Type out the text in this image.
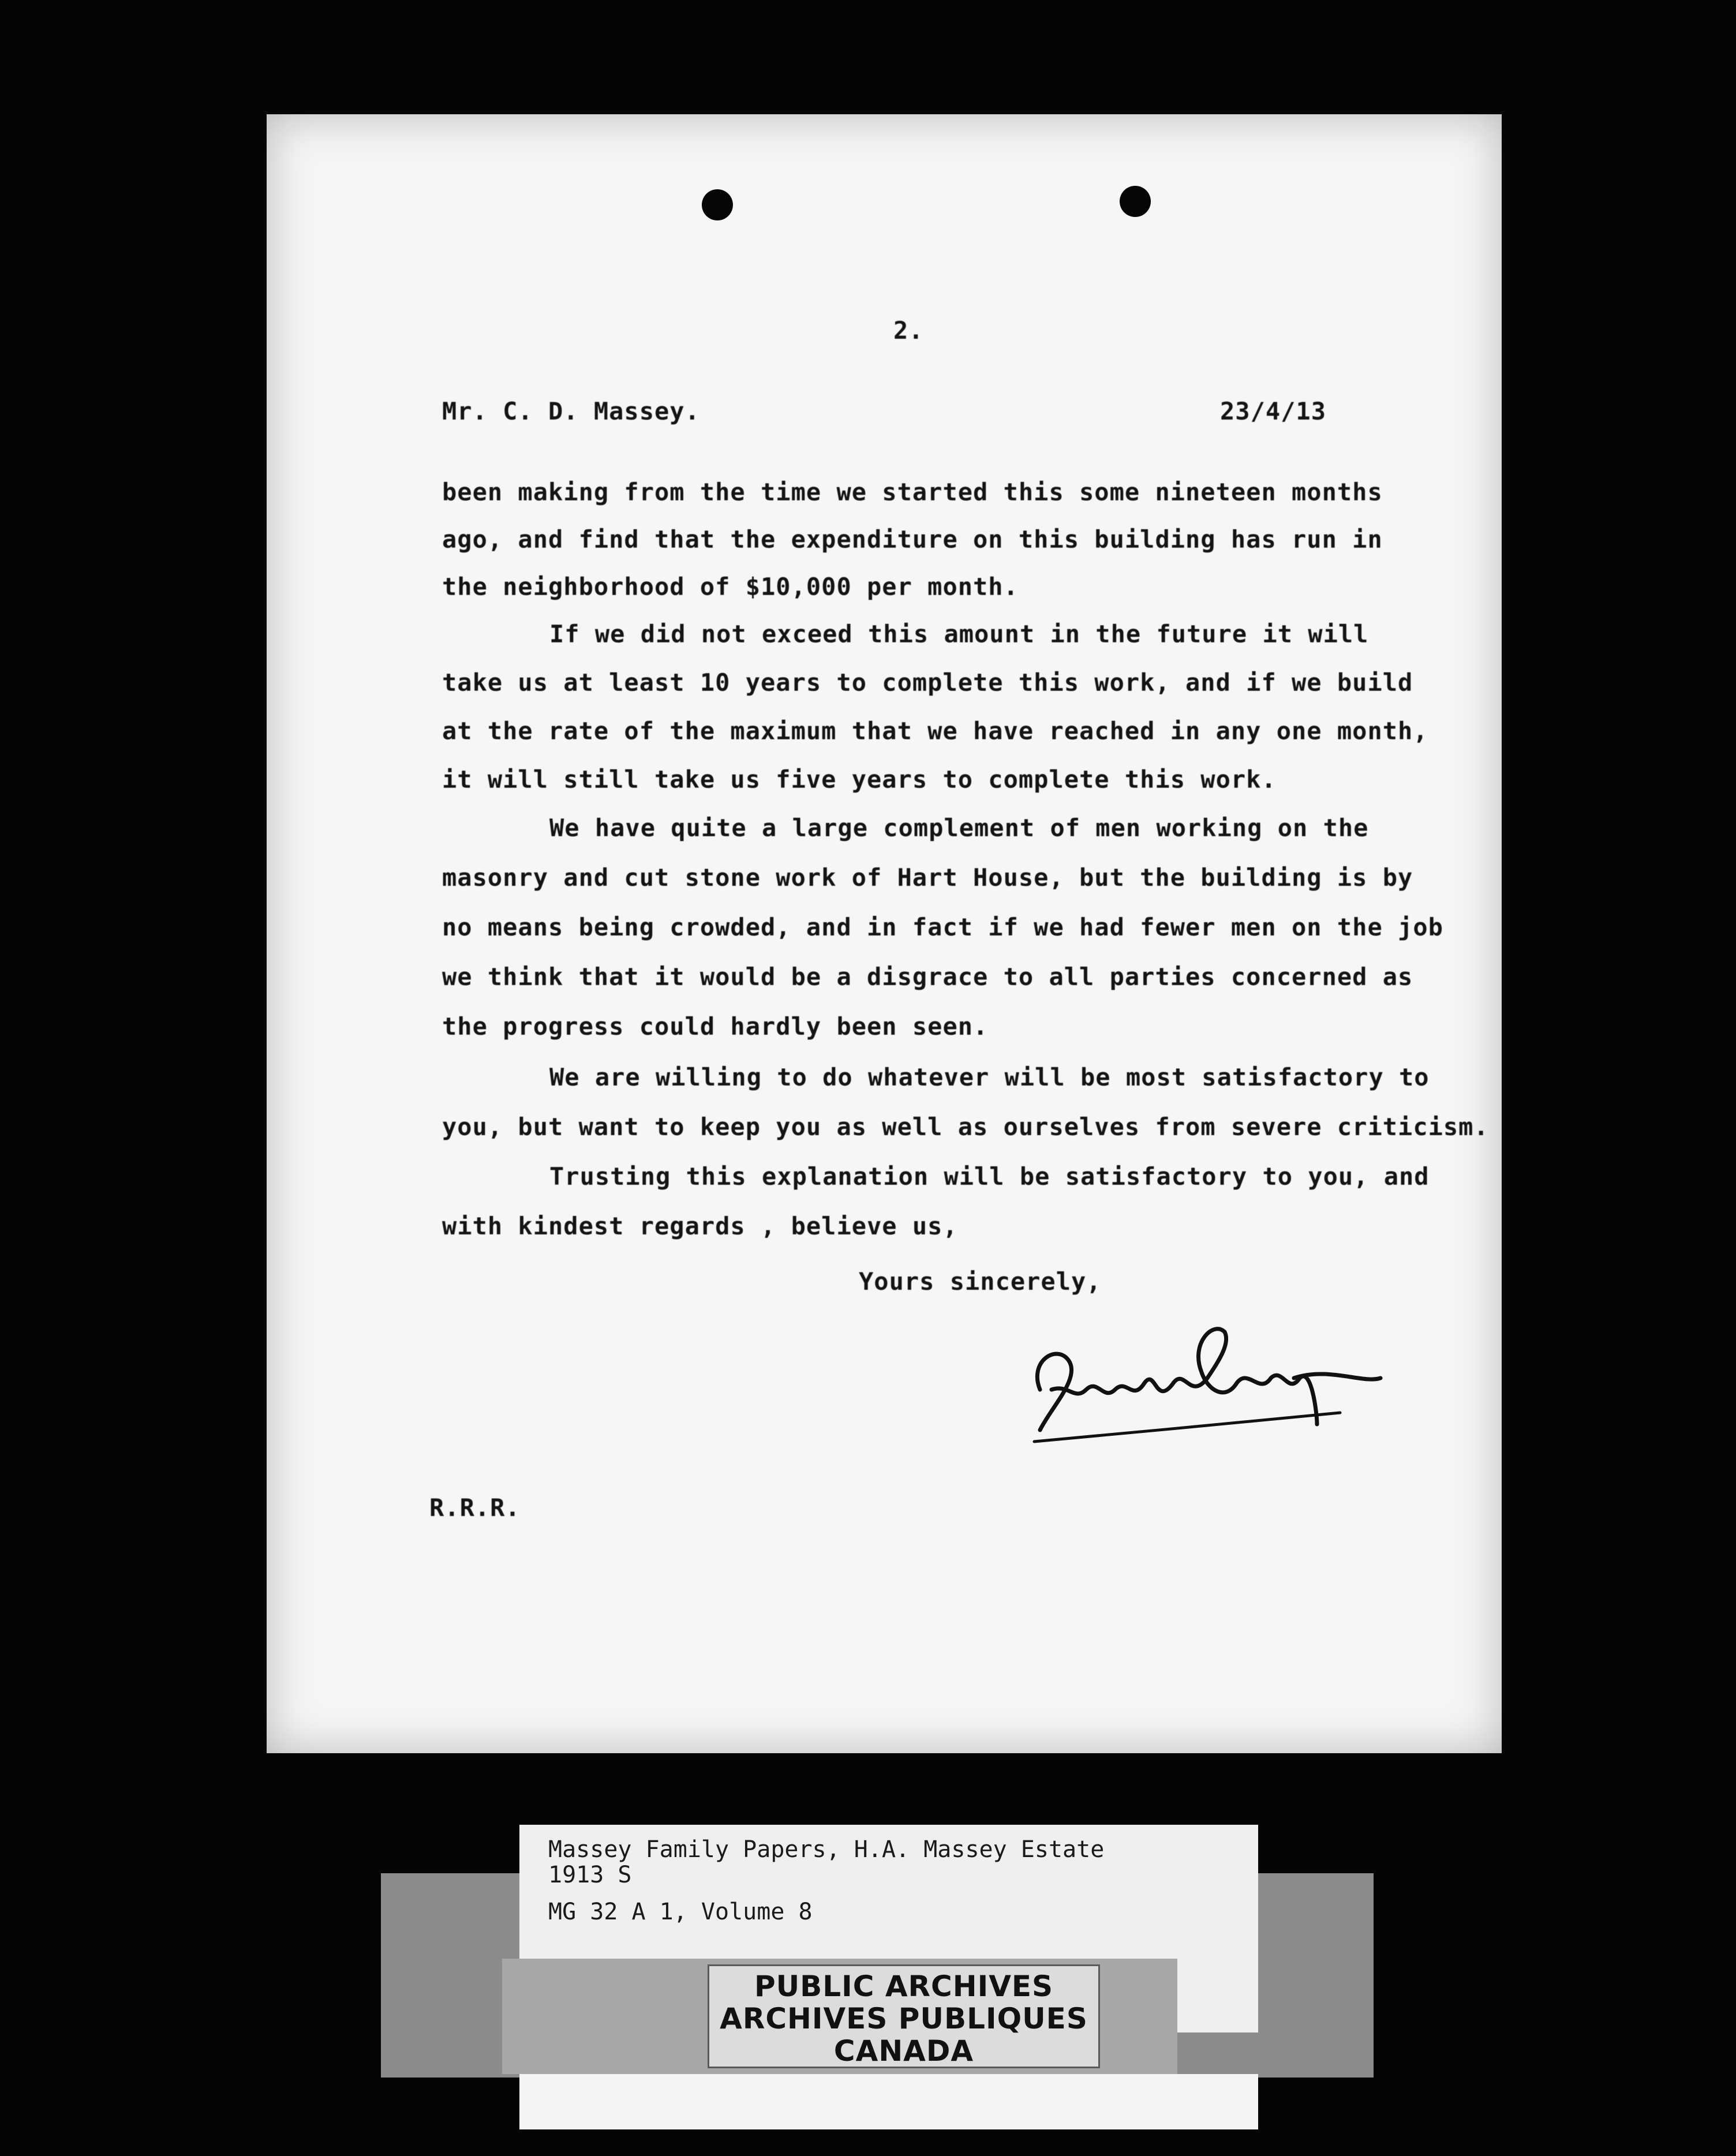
2.
Mr. C. D. Massey.	23/4/13
been making from the time we started this some nineteen months
ago, and find that the expenditure on this building has run in
the neighborhood of $10,000 per month.
If we did not exceed this amount in the future it will
take us at least 10 years to complete this work, and if we build
at the rate of the maximum that we have reached in any one month,
it will still take us five years to complete this work.
We have quite a large complement of men working on the
masonry and cut stone work of Hart House, but the building is by
no means being crowded, and in fact if we had fewer men on the job
we think that it would be a disgrace to all parties concerned as
the progress could hardly been seen.
We are willing to do whatever will be most satisfactory to
you, but want to keep you as well as ourselves from severe criticism.
Trusting this explanation will be satisfactory to you, and
with kindest regards , believe us,
Yours sincerely,
R.R.R.
Massey Family Papers, H.A. Massey Estate
1913 S
MG 32 A 1, Volume 8
PUBLIC ARCHIVES
ARCHIVES PUBLIQUES
CANADA
